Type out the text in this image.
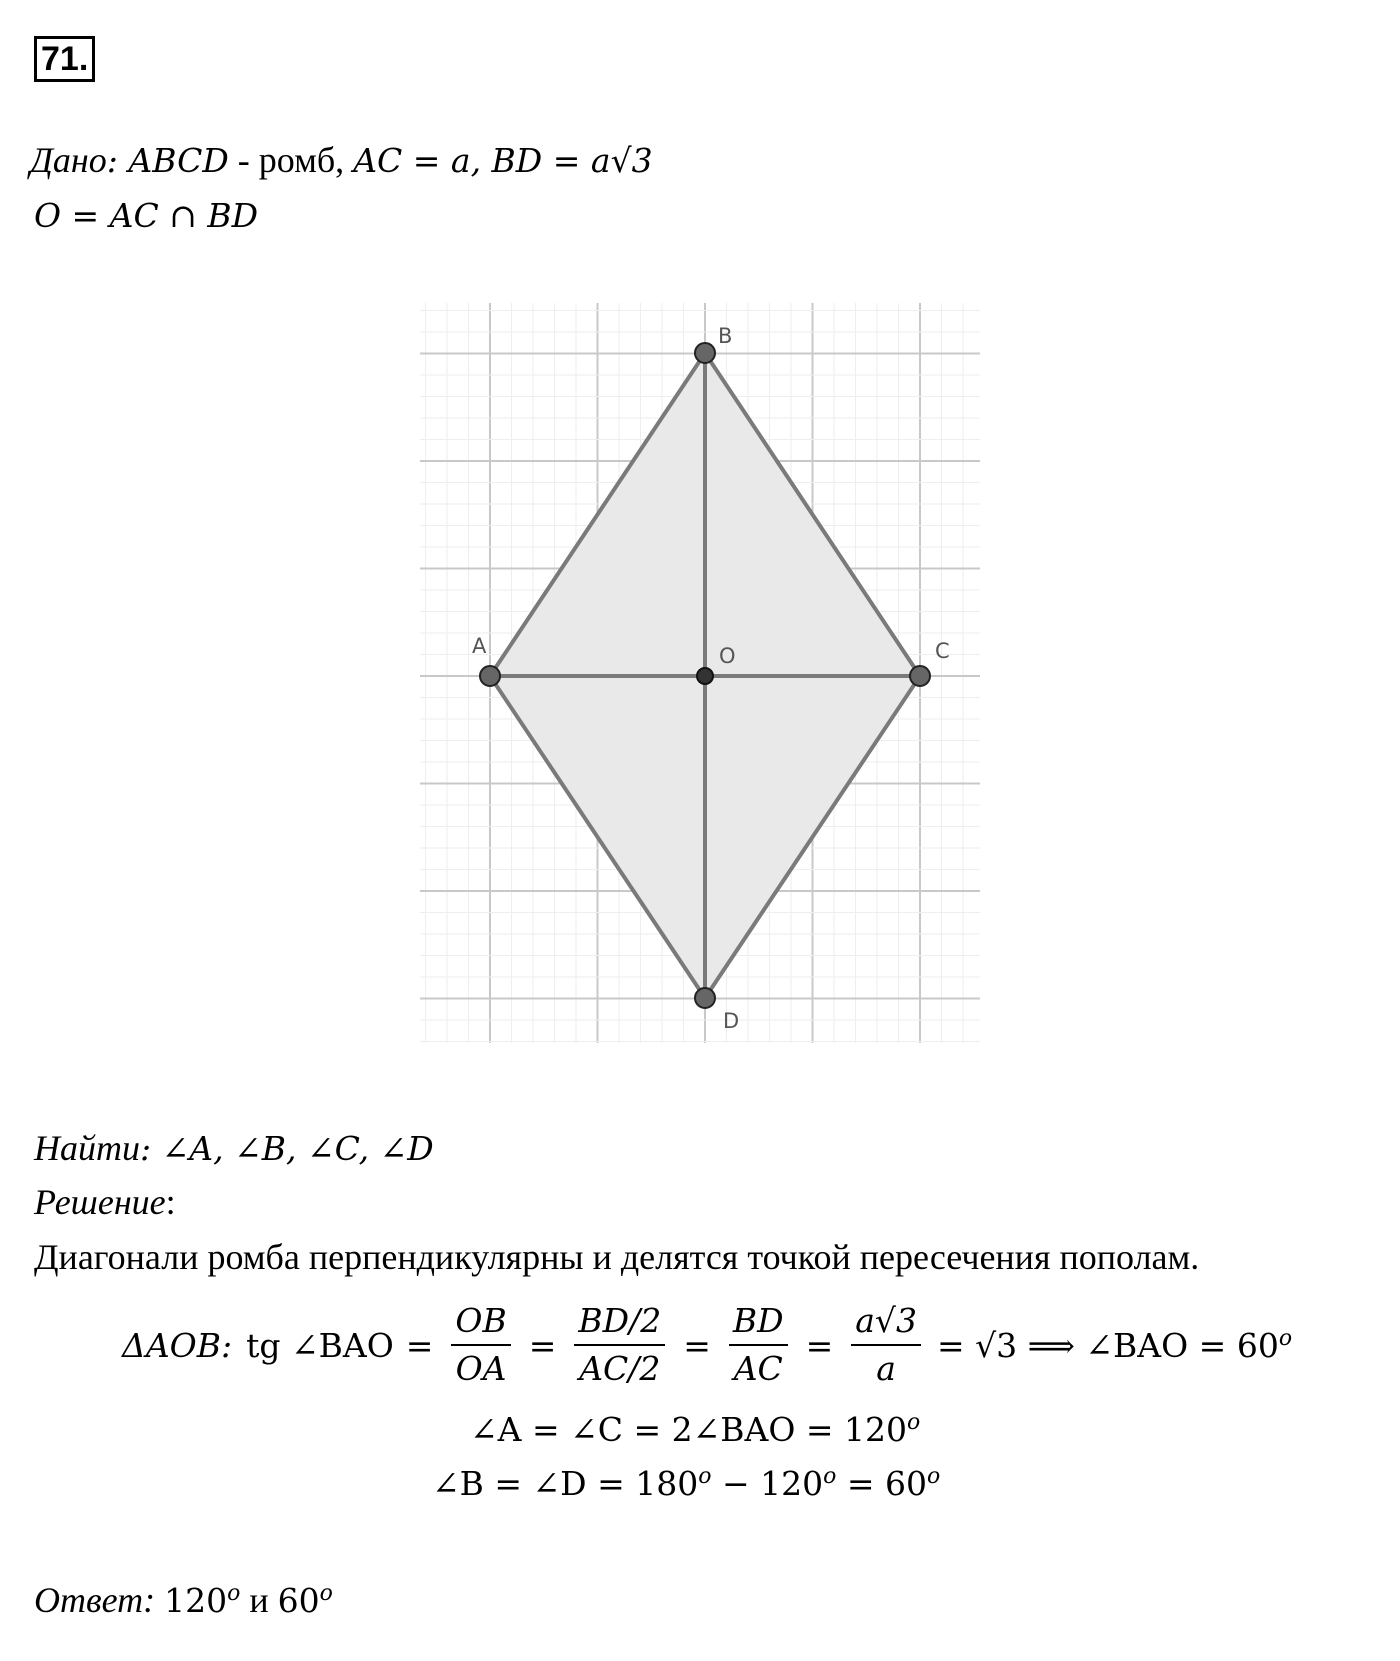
71.
Дано: ABCD - ромб, AC = a, BD = a√3
O = AC ∩ BD
A
B
C
D
O
Найти: ∠A, ∠B, ∠C, ∠D
Решение:
Диагонали ромба перпендикулярны и делятся точкой пересечения пополам.
ΔAOB: tg ∠BAO = $\frac{OB}{OA} = \frac{BD/2}{AC/2} = \frac{BD}{AC} = \frac{a√3}{a} = √3$ ⟹ ∠BAO = $60^o$
∠A = ∠C = 2∠BAO = $120^o$
∠B = ∠D = $180^o - 120^o = 60^o$
Ответ: 120$^o$ и 60$^o$
